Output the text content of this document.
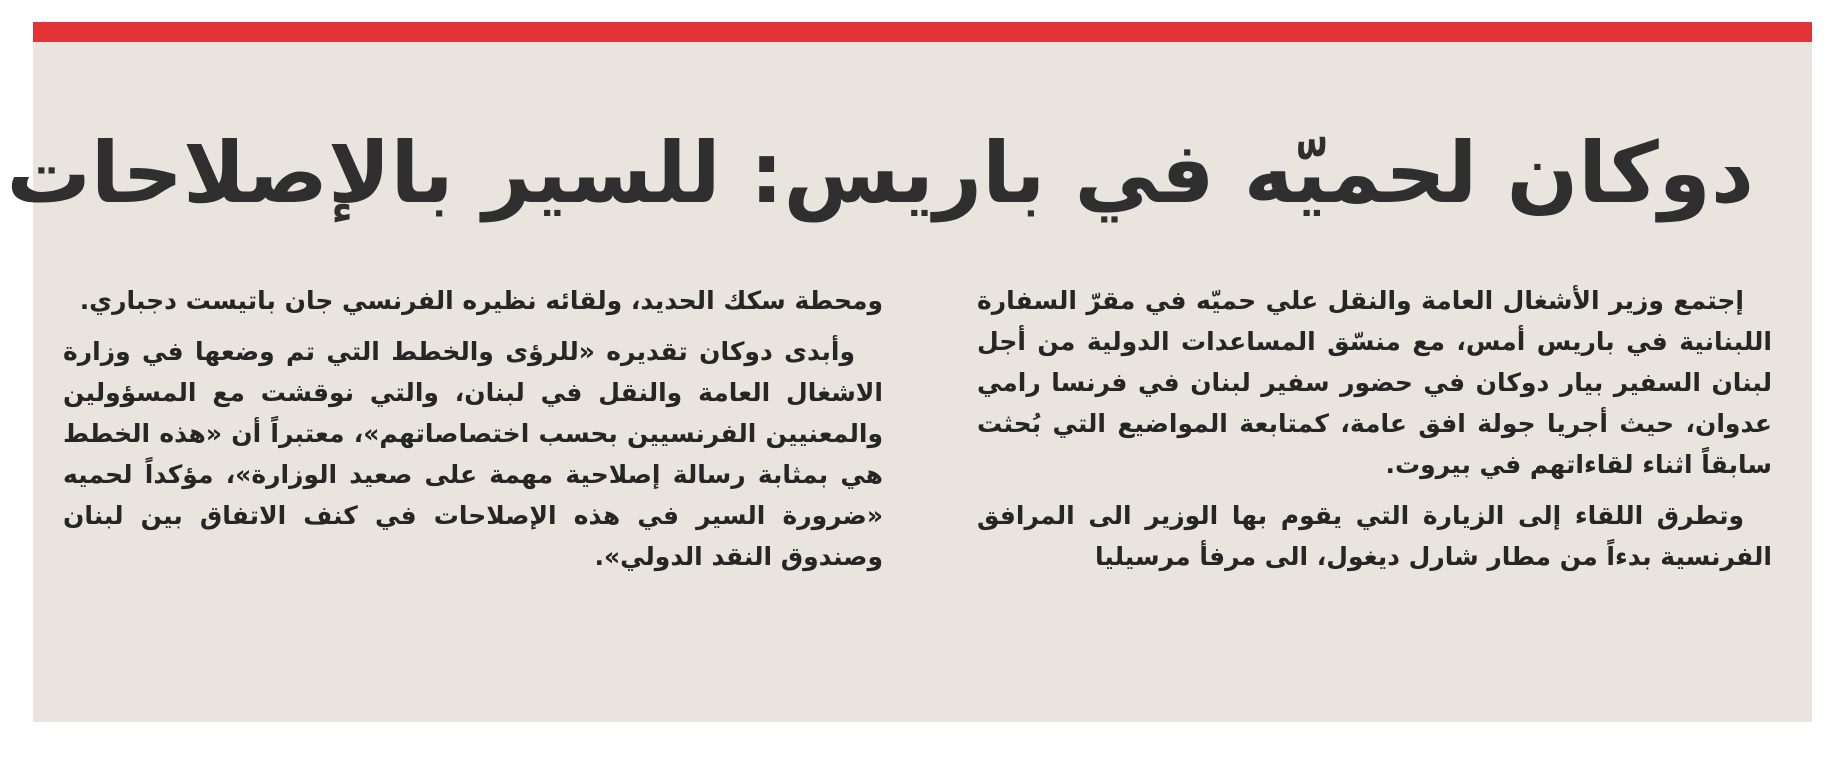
دوكان لحميّه في باريس: للسير بالإصلاحات

إجتمع وزير الأشغال العامة والنقل علي حميّه في مقرّ السفارة اللبنانية في باريس أمس، مع منسّق المساعدات الدولية من أجل لبنان السفير بيار دوكان في حضور سفير لبنان في فرنسا رامي عدوان، حيث أجريا جولة افق عامة، كمتابعة المواضيع التي بُحثت سابقاً اثناء لقاءاتهم في بيروت.

وتطرق اللقاء إلى الزيارة التي يقوم بها الوزير الى المرافق الفرنسية بدءاً من مطار شارل ديغول، الى مرفأ مرسيليا

ومحطة سكك الحديد، ولقائه نظيره الفرنسي جان باتيست دجباري.

وأبدى دوكان تقديره «للرؤى والخطط التي تم وضعها في وزارة الاشغال العامة والنقل في لبنان، والتي نوقشت مع المسؤولين والمعنيين الفرنسيين بحسب اختصاصاتهم»، معتبراً أن «هذه الخطط هي بمثابة رسالة إصلاحية مهمة على صعيد الوزارة»، مؤكداً لحميه «ضرورة السير في هذه الإصلاحات في كنف الاتفاق بين لبنان وصندوق النقد الدولي».
